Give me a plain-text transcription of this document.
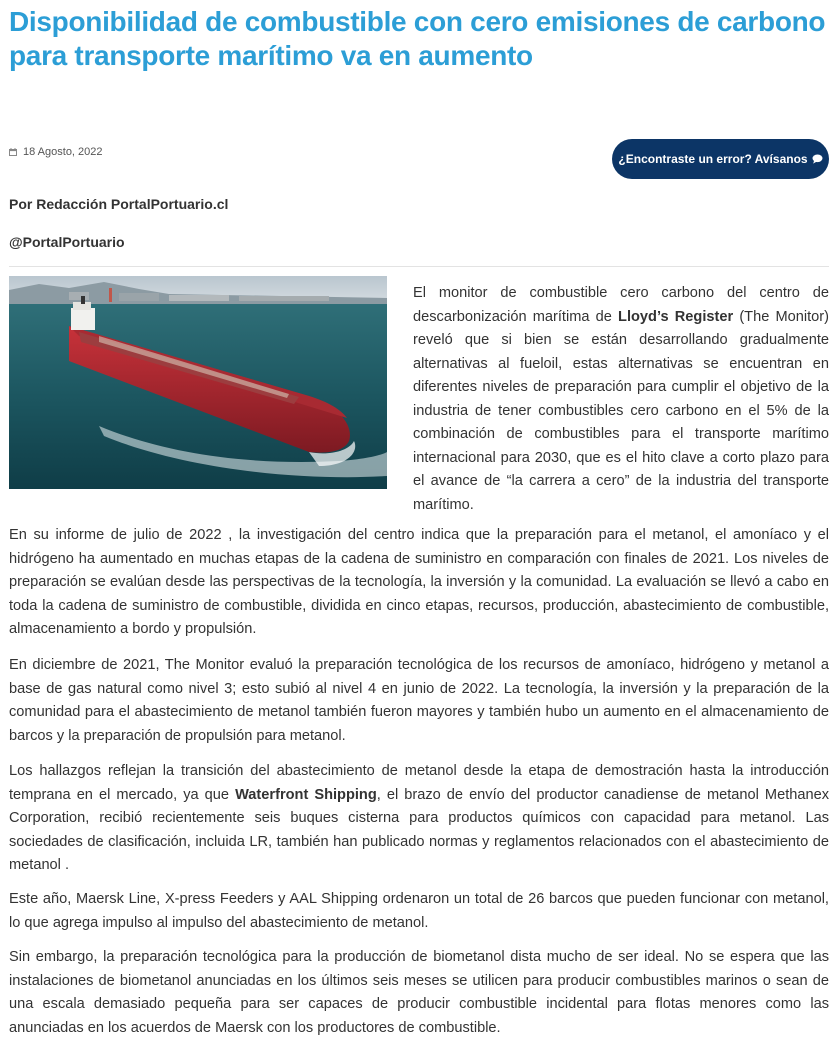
Disponibilidad de combustible con cero emisiones de carbono para transporte marítimo va en aumento
18 Agosto, 2022	¿Encontraste un error? Avísanos
Por Redacción PortalPortuario.cl
@PortalPortuario

El monitor de combustible cero carbono del centro de descarbonización marítima de Lloyd’s Register (The Monitor) reveló que si bien se están desarrollando gradualmente alternativas al fueloil, estas alternativas se encuentran en diferentes niveles de preparación para cumplir el objetivo de la industria de tener combustibles cero carbono en el 5% de la combinación de combustibles para el transporte marítimo internacional para 2030, que es el hito clave a corto plazo para el avance de “la carrera a cero” de la industria del transporte marítimo.

En su informe de julio de 2022 , la investigación del centro indica que la preparación para el metanol, el amoníaco y el hidrógeno ha aumentado en muchas etapas de la cadena de suministro en comparación con finales de 2021. Los niveles de preparación se evalúan desde las perspectivas de la tecnología, la inversión y la comunidad. La evaluación se llevó a cabo en toda la cadena de suministro de combustible, dividida en cinco etapas, recursos, producción, abastecimiento de combustible, almacenamiento a bordo y propulsión.

En diciembre de 2021, The Monitor evaluó la preparación tecnológica de los recursos de amoníaco, hidrógeno y metanol a base de gas natural como nivel 3; esto subió al nivel 4 en junio de 2022. La tecnología, la inversión y la preparación de la comunidad para el abastecimiento de metanol también fueron mayores y también hubo un aumento en el almacenamiento de barcos y la preparación de propulsión para metanol.

Los hallazgos reflejan la transición del abastecimiento de metanol desde la etapa de demostración hasta la introducción temprana en el mercado, ya que Waterfront Shipping, el brazo de envío del productor canadiense de metanol Methanex Corporation, recibió recientemente seis buques cisterna para productos químicos con capacidad para metanol. Las sociedades de clasificación, incluida LR, también han publicado normas y reglamentos relacionados con el abastecimiento de metanol .

Este año, Maersk Line, X-press Feeders y AAL Shipping ordenaron un total de 26 barcos que pueden funcionar con metanol, lo que agrega impulso al impulso del abastecimiento de metanol.

Sin embargo, la preparación tecnológica para la producción de biometanol dista mucho de ser ideal. No se espera que las instalaciones de biometanol anunciadas en los últimos seis meses se utilicen para producir combustibles marinos o sean de una escala demasiado pequeña para ser capaces de producir combustible incidental para flotas menores como las anunciadas en los acuerdos de Maersk con los productores de combustible.
